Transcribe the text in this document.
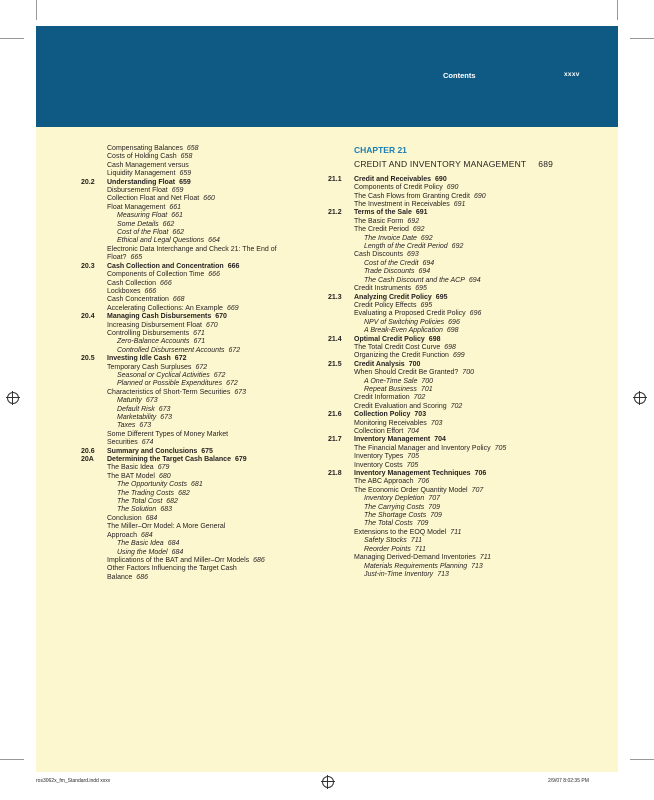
Contents	xxxv
Compensating Balances 658
Costs of Holding Cash 658
Cash Management versus
Liquidity Management 659
20.2 Understanding Float 659
Disbursement Float 659
Collection Float and Net Float 660
Float Management 661
Measuring Float 661
Some Details 662
Cost of the Float 662
Ethical and Legal Questions 664
Electronic Data Interchange and Check 21: The End of
Float? 665
20.3 Cash Collection and Concentration 666
Components of Collection Time 666
Cash Collection 666
Lockboxes 666
Cash Concentration 668
Accelerating Collections: An Example 669
20.4 Managing Cash Disbursements 670
Increasing Disbursement Float 670
Controlling Disbursements 671
Zero-Balance Accounts 671
Controlled Disbursement Accounts 672
20.5 Investing Idle Cash 672
Temporary Cash Surpluses 672
Seasonal or Cyclical Activities 672
Planned or Possible Expenditures 672
Characteristics of Short-Term Securities 673
Maturity 673
Default Risk 673
Marketability 673
Taxes 673
Some Different Types of Money Market
Securities 674
20.6 Summary and Conclusions 675
20A Determining the Target Cash Balance 679
The Basic Idea 679
The BAT Model 680
The Opportunity Costs 681
The Trading Costs 682
The Total Cost 682
The Solution 683
Conclusion 684
The Miller–Orr Model: A More General
Approach 684
The Basic Idea 684
Using the Model 684
Implications of the BAT and Miller–Orr Models 686
Other Factors Influencing the Target Cash
Balance 686
CHAPTER 21
CREDIT AND INVENTORY MANAGEMENT 689
21.1 Credit and Receivables 690
Components of Credit Policy 690
The Cash Flows from Granting Credit 690
The Investment in Receivables 691
21.2 Terms of the Sale 691
The Basic Form 692
The Credit Period 692
The Invoice Date 692
Length of the Credit Period 692
Cash Discounts 693
Cost of the Credit 694
Trade Discounts 694
The Cash Discount and the ACP 694
Credit Instruments 695
21.3 Analyzing Credit Policy 695
Credit Policy Effects 695
Evaluating a Proposed Credit Policy 696
NPV of Switching Policies 696
A Break-Even Application 698
21.4 Optimal Credit Policy 698
The Total Credit Cost Curve 698
Organizing the Credit Function 699
21.5 Credit Analysis 700
When Should Credit Be Granted? 700
A One-Time Sale 700
Repeat Business 701
Credit Information 702
Credit Evaluation and Scoring 702
21.6 Collection Policy 703
Monitoring Receivables 703
Collection Effort 704
21.7 Inventory Management 704
The Financial Manager and Inventory Policy 705
Inventory Types 705
Inventory Costs 705
21.8 Inventory Management Techniques 706
The ABC Approach 706
The Economic Order Quantity Model 707
Inventory Depletion 707
The Carrying Costs 709
The Shortage Costs 709
The Total Costs 709
Extensions to the EOQ Model 711
Safety Stocks 711
Reorder Points 711
Managing Derived-Demand Inventories 711
Materials Requirements Planning 713
Just-in-Time Inventory 713
ros3062x_fm_Standard.indd xxxv	2/9/07 8:02:35 PM
